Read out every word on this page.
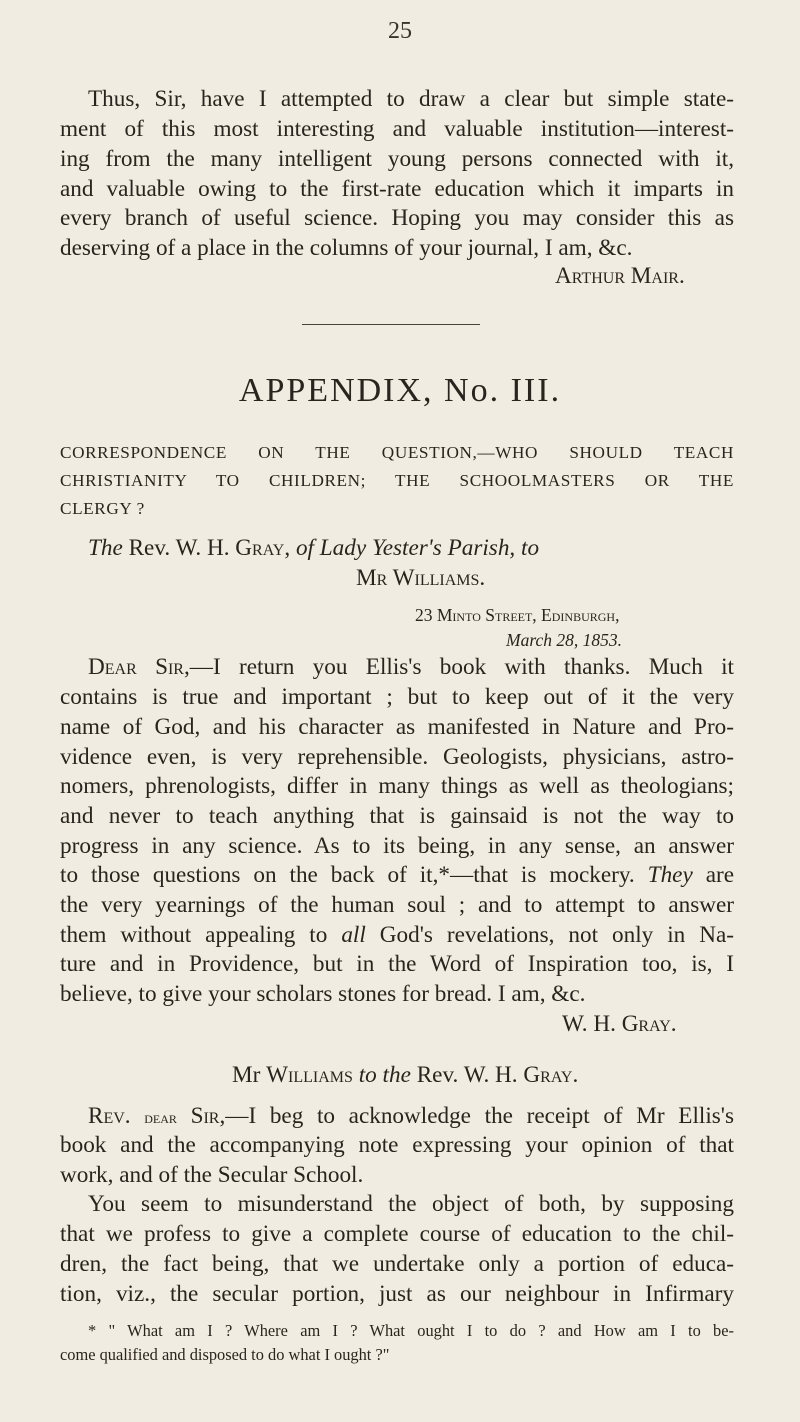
25
Thus, Sir, have I attempted to draw a clear but simple state-
ment of this most interesting and valuable institution—interest-
ing from the many intelligent young persons connected with it,
and valuable owing to the first-rate education which it imparts in
every branch of useful science. Hoping you may consider this as
deserving of a place in the columns of your journal, I am, &c.
Arthur Mair.
APPENDIX, No. III.
CORRESPONDENCE ON THE QUESTION,—WHO SHOULD TEACH
CHRISTIANITY TO CHILDREN; THE SCHOOLMASTERS OR THE
CLERGY ?
The Rev. W. H. Gray, of Lady Yester's Parish, to
Mr Williams.
23 Minto Street, Edinburgh,
March 28, 1853.
Dear Sir,—I return you Ellis's book with thanks. Much it
contains is true and important ; but to keep out of it the very
name of God, and his character as manifested in Nature and Pro-
vidence even, is very reprehensible. Geologists, physicians, astro-
nomers, phrenologists, differ in many things as well as theologians;
and never to teach anything that is gainsaid is not the way to
progress in any science. As to its being, in any sense, an answer
to those questions on the back of it,*—that is mockery. They are
the very yearnings of the human soul ; and to attempt to answer
them without appealing to all God's revelations, not only in Na-
ture and in Providence, but in the Word of Inspiration too, is, I
believe, to give your scholars stones for bread. I am, &c.
W. H. Gray.
Mr Williams to the Rev. W. H. Gray.
Rev. dear Sir,—I beg to acknowledge the receipt of Mr Ellis's
book and the accompanying note expressing your opinion of that
work, and of the Secular School.
You seem to misunderstand the object of both, by supposing
that we profess to give a complete course of education to the chil-
dren, the fact being, that we undertake only a portion of educa-
tion, viz., the secular portion, just as our neighbour in Infirmary
* " What am I ? Where am I ? What ought I to do ? and How am I to be-
come qualified and disposed to do what I ought ?"
